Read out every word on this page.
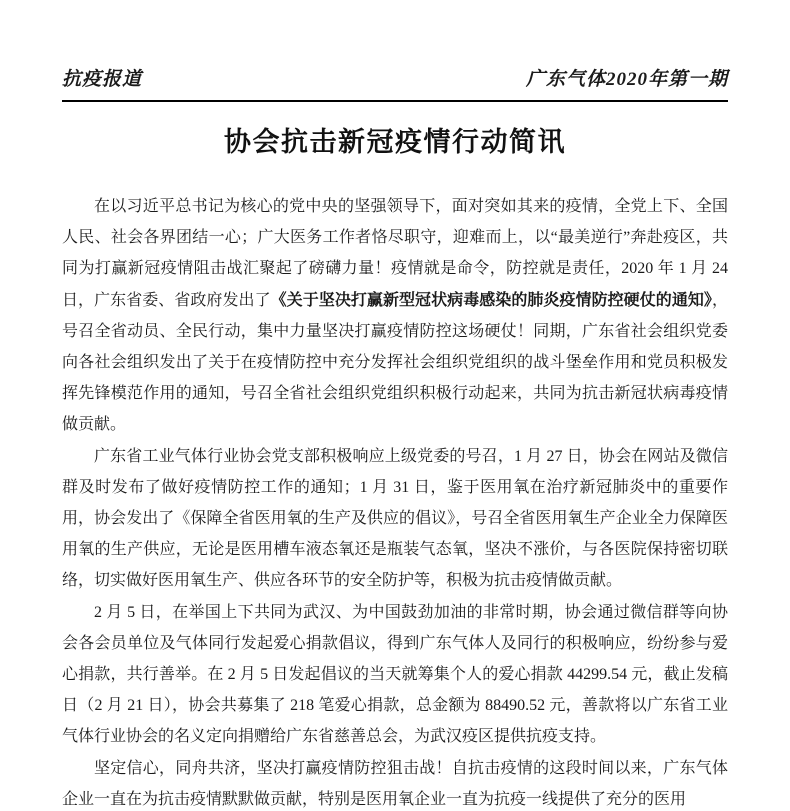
抗疫报道	广东气体2020年第一期
协会抗击新冠疫情行动简讯

在以习近平总书记为核心的党中央的坚强领导下，面对突如其来的疫情，全党上下、全国人民、社会各界团结一心；广大医务工作者恪尽职守，迎难而上，以“最美逆行”奔赴疫区，共同为打赢新冠疫情阻击战汇聚起了磅礴力量！疫情就是命令，防控就是责任，2020 年 1 月 24 日，广东省委、省政府发出了《关于坚决打赢新型冠状病毒感染的肺炎疫情防控硬仗的通知》，号召全省动员、全民行动，集中力量坚决打赢疫情防控这场硬仗！同期，广东省社会组织党委向各社会组织发出了关于在疫情防控中充分发挥社会组织党组织的战斗堡垒作用和党员积极发挥先锋模范作用的通知，号召全省社会组织党组织积极行动起来，共同为抗击新冠状病毒疫情做贡献。

广东省工业气体行业协会党支部积极响应上级党委的号召，1 月 27 日，协会在网站及微信群及时发布了做好疫情防控工作的通知；1 月 31 日，鉴于医用氧在治疗新冠肺炎中的重要作用，协会发出了《保障全省医用氧的生产及供应的倡议》，号召全省医用氧生产企业全力保障医用氧的生产供应，无论是医用槽车液态氧还是瓶装气态氧，坚决不涨价，与各医院保持密切联络，切实做好医用氧生产、供应各环节的安全防护等，积极为抗击疫情做贡献。

2 月 5 日，在举国上下共同为武汉、为中国鼓劲加油的非常时期，协会通过微信群等向协会各会员单位及气体同行发起爱心捐款倡议，得到广东气体人及同行的积极响应，纷纷参与爱心捐款，共行善举。在 2 月 5 日发起倡议的当天就筹集个人的爱心捐款 44299.54 元，截止发稿日（2 月 21 日），协会共募集了 218 笔爱心捐款，总金额为 88490.52 元，善款将以广东省工业气体行业协会的名义定向捐赠给广东省慈善总会，为武汉疫区提供抗疫支持。

坚定信心，同舟共济，坚决打赢疫情防控狙击战！自抗击疫情的这段时间以来，广东气体企业一直在为抗击疫情默默做贡献，特别是医用氧企业一直为抗疫一线提供了充分的医用
